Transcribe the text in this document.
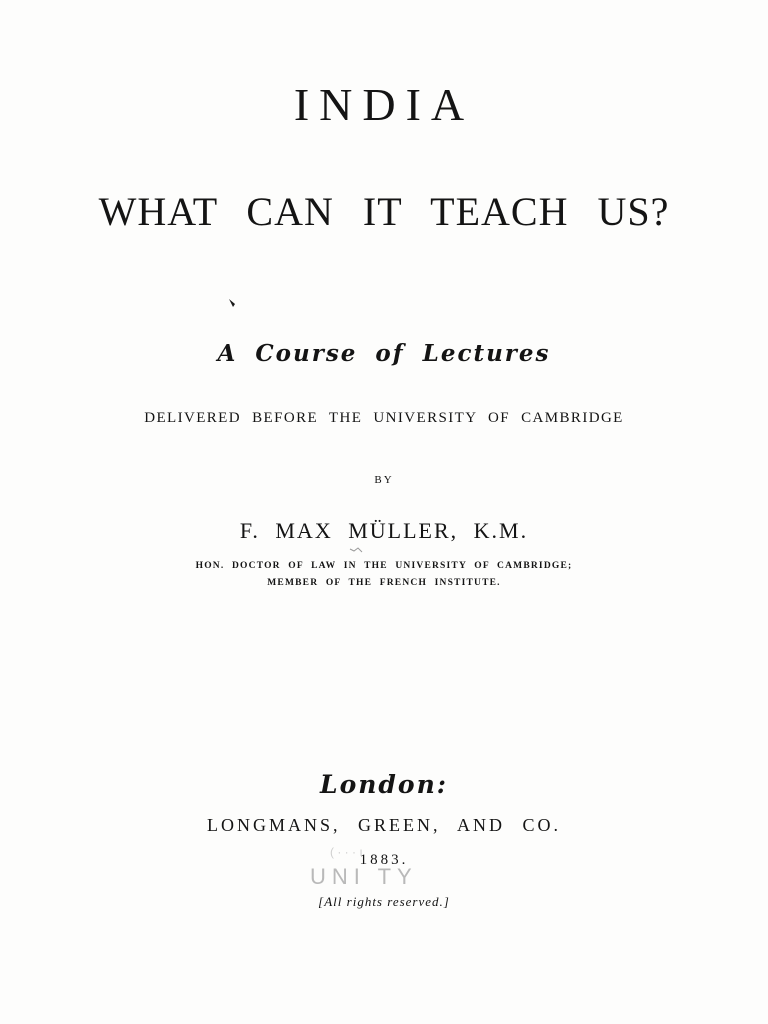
INDIA
WHAT CAN IT TEACH US?
A Course of Lectures
DELIVERED BEFORE THE UNIVERSITY OF CAMBRIDGE
BY
F. MAX MÜLLER, K.M.
HON. DOCTOR OF LAW IN THE UNIVERSITY OF CAMBRIDGE;
MEMBER OF THE FRENCH INSTITUTE.
London:
LONGMANS, GREEN, AND CO.
UNI TY
( · · · ı
1883.
[All rights reserved.]
